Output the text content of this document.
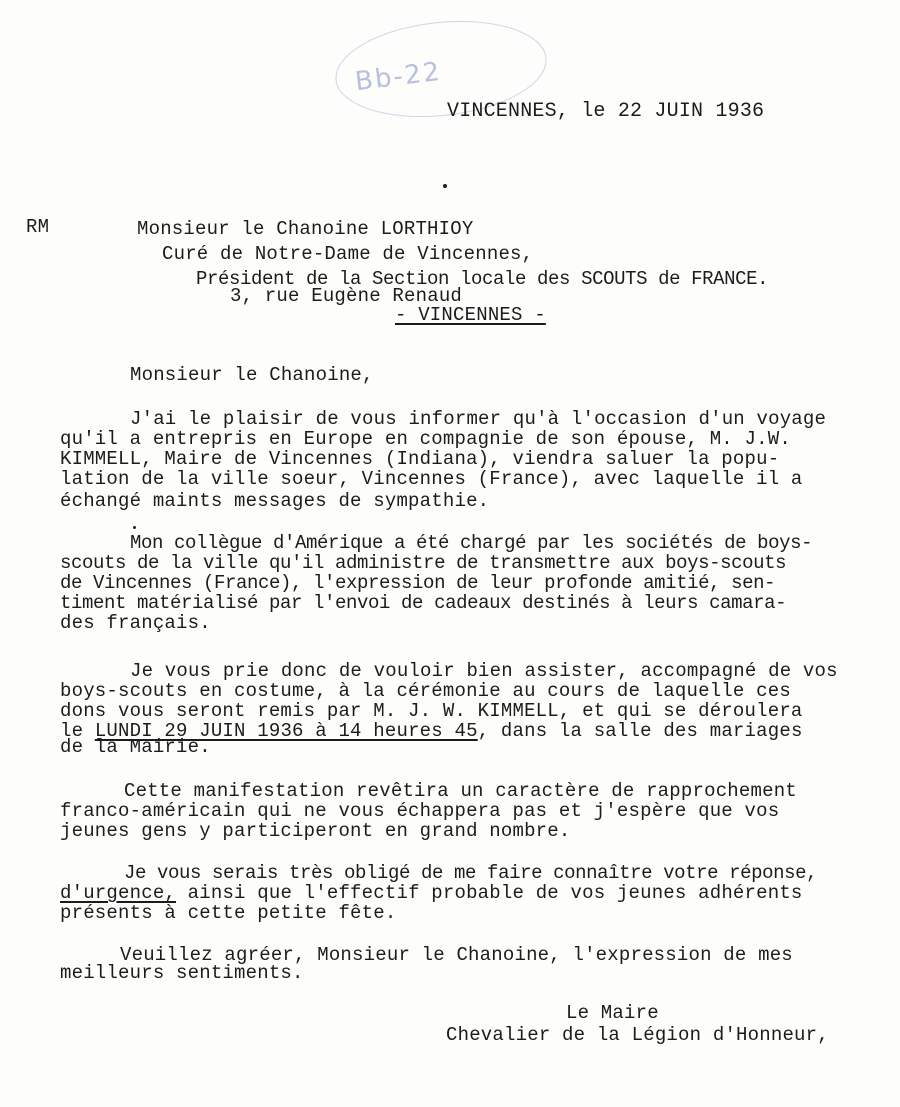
Bb-22
VINCENNES, le 22 JUIN 1936
RM	Monsieur le Chanoine LORTHIOY
Curé de Notre-Dame de Vincennes,
Président de la Section locale des SCOUTS de FRANCE.
3, rue Eugène Renaud
- VINCENNES -
Monsieur le Chanoine,
J'ai le plaisir de vous informer qu'à l'occasion d'un voyage
qu'il a entrepris en Europe en compagnie de son épouse, M. J.W.
KIMMELL, Maire de Vincennes (Indiana), viendra saluer la popu-
lation de la ville soeur, Vincennes (France), avec laquelle il a
échangé maints messages de sympathie.
Mon collègue d'Amérique a été chargé par les sociétés de boys-
scouts de la ville qu'il administre de transmettre aux boys-scouts
de Vincennes (France), l'expression de leur profonde amitié, sen-
timent matérialisé par l'envoi de cadeaux destinés à leurs camara-
des français.
Je vous prie donc de vouloir bien assister, accompagné de vos
boys-scouts en costume, à la cérémonie au cours de laquelle ces
dons vous seront remis par M. J. W. KIMMELL, et qui se déroulera
le LUNDI 29 JUIN 1936 à 14 heures 45, dans la salle des mariages
de la Mairie.
Cette manifestation revêtira un caractère de rapprochement
franco-américain qui ne vous échappera pas et j'espère que vos
jeunes gens y participeront en grand nombre.
Je vous serais très obligé de me faire connaître votre réponse,
d'urgence, ainsi que l'effectif probable de vos jeunes adhérents
présents à cette petite fête.
Veuillez agréer, Monsieur le Chanoine, l'expression de mes
meilleurs sentiments.
Le Maire
Chevalier de la Légion d'Honneur,
